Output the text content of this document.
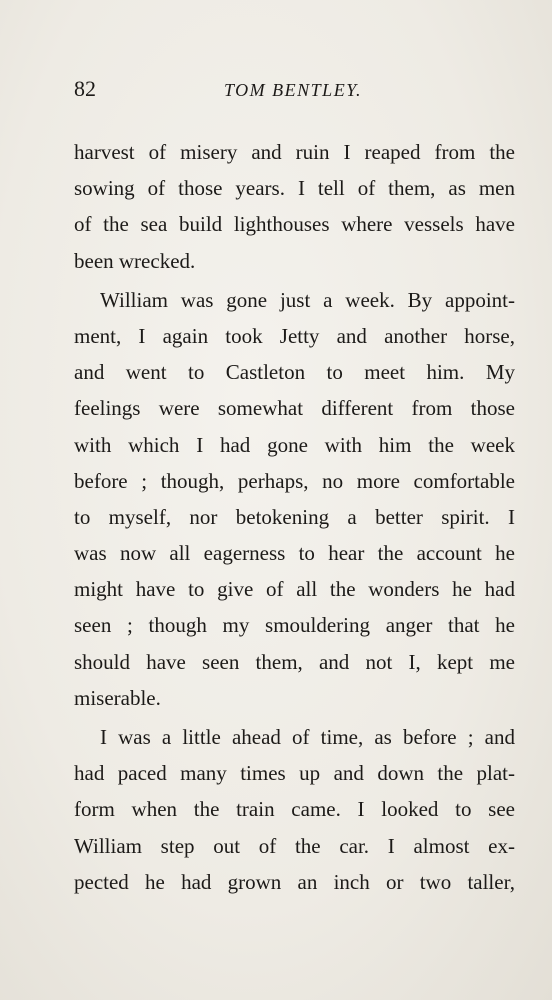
82	TOM BENTLEY.
harvest of misery and ruin I reaped from the
sowing of those years. I tell of them, as men
of the sea build lighthouses where vessels have
been wrecked.
William was gone just a week. By appoint-
ment, I again took Jetty and another horse,
and went to Castleton to meet him. My
feelings were somewhat different from those
with which I had gone with him the week
before ; though, perhaps, no more comfortable
to myself, nor betokening a better spirit. I
was now all eagerness to hear the account he
might have to give of all the wonders he had
seen ; though my smouldering anger that he
should have seen them, and not I, kept me
miserable.
I was a little ahead of time, as before ; and
had paced many times up and down the plat-
form when the train came. I looked to see
William step out of the car. I almost ex-
pected he had grown an inch or two taller,
